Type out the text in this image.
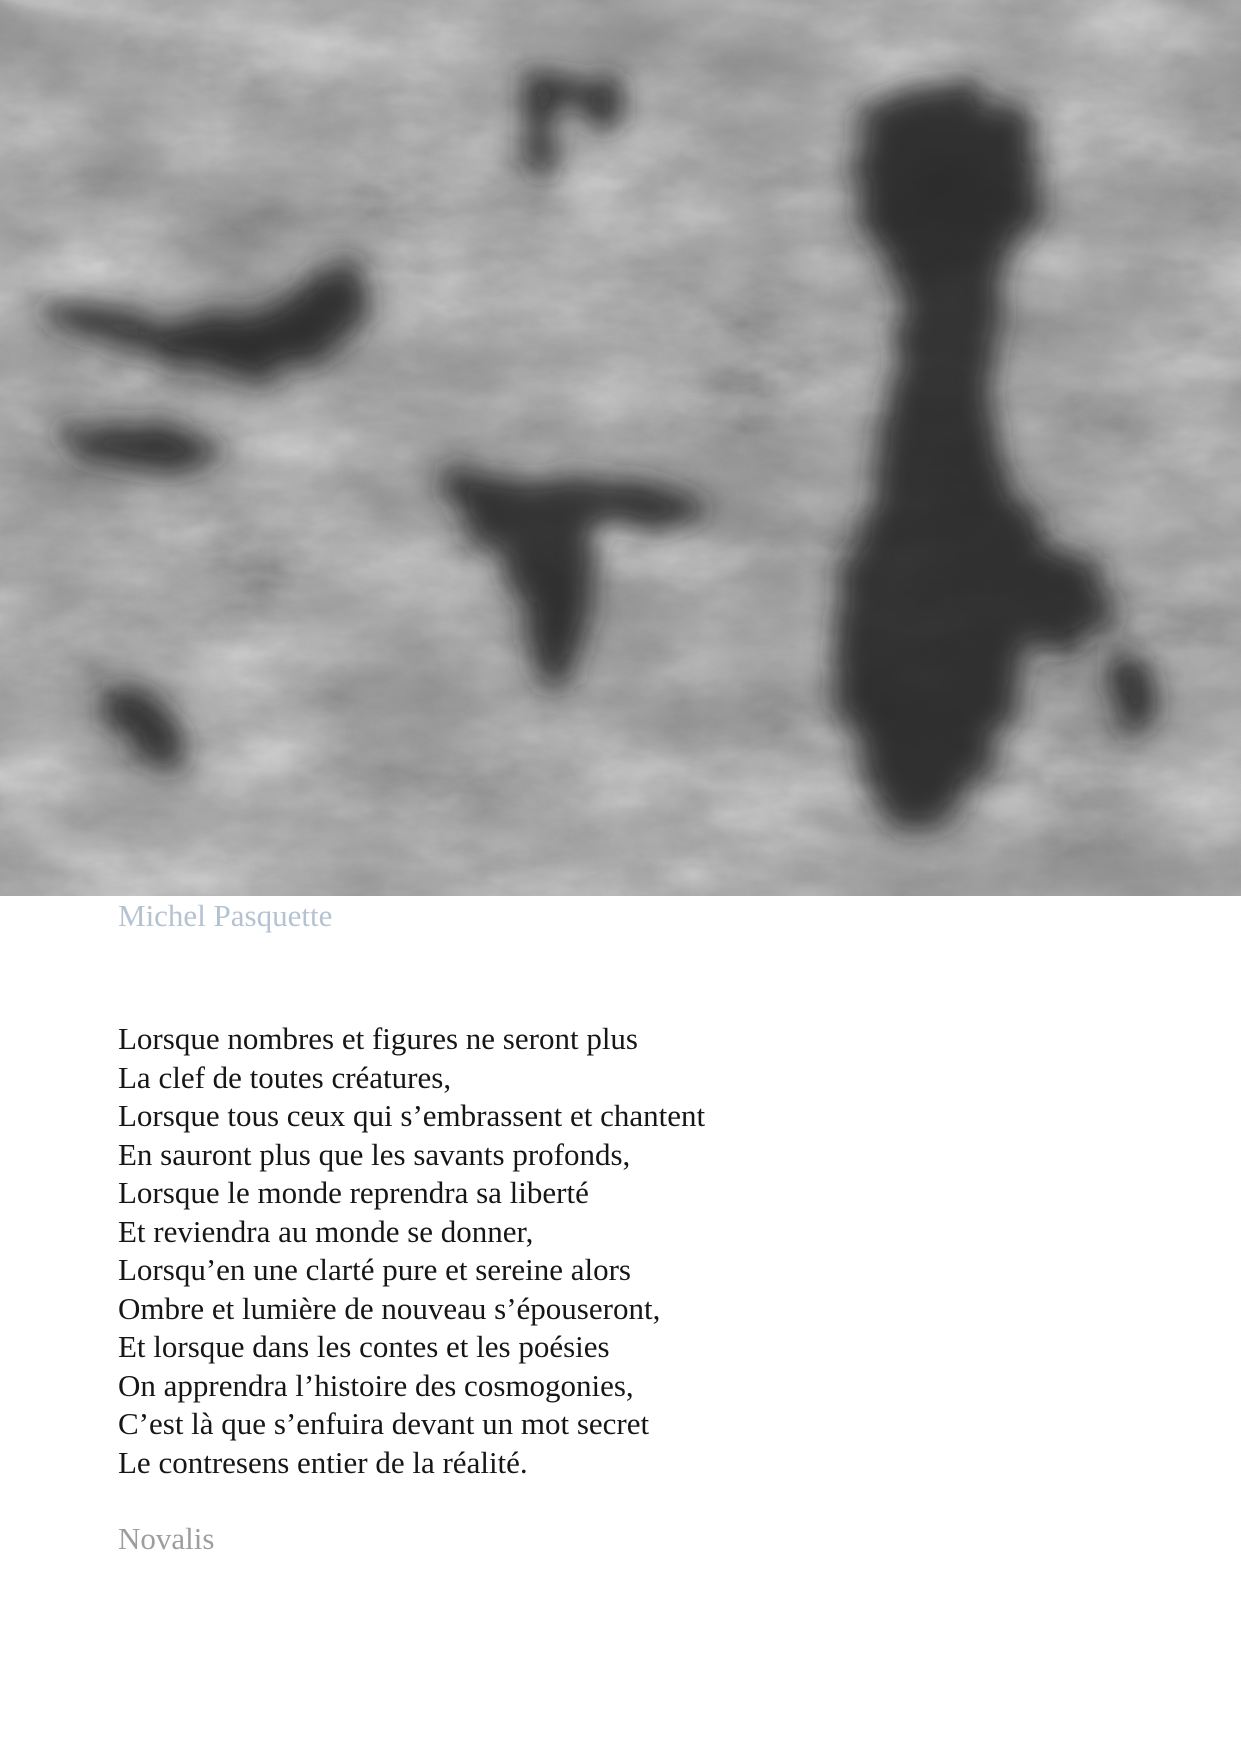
Michel Pasquette
Lorsque nombres et figures ne seront plus
La clef de toutes créatures,
Lorsque tous ceux qui s’embrassent et chantent
En sauront plus que les savants profonds,
Lorsque le monde reprendra sa liberté
Et reviendra au monde se donner,
Lorsqu’en une clarté pure et sereine alors
Ombre et lumière de nouveau s’épouseront,
Et lorsque dans les contes et les poésies
On apprendra l’histoire des cosmogonies,
C’est là que s’enfuira devant un mot secret
Le contresens entier de la réalité.
Novalis
